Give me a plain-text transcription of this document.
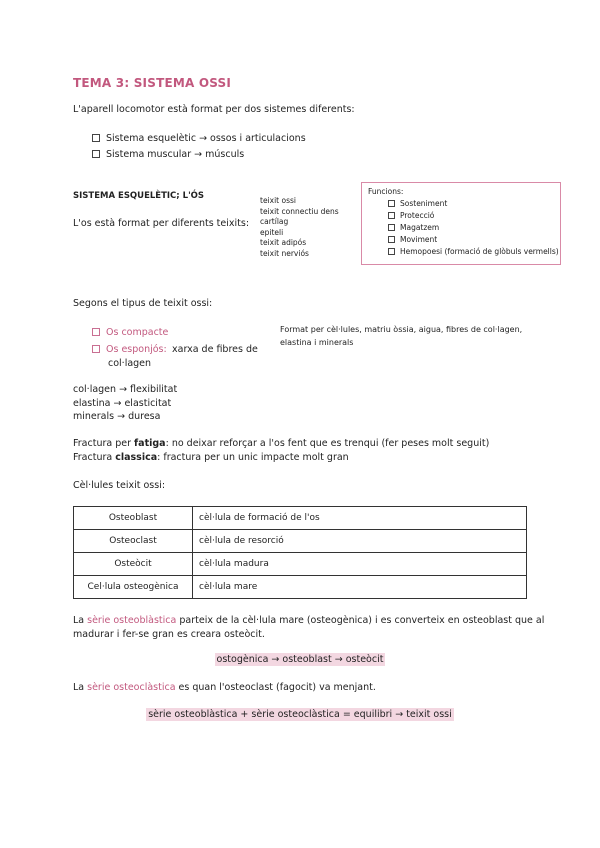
TEMA 3: SISTEMA OSSI
L'aparell locomotor està format per dos sistemes diferents:
Sistema esquelètic → ossos i articulacions
Sistema muscular → músculs
SISTEMA ESQUELÈTIC; L'ÓS
L'os està format per diferents teixits:
teixit ossi
teixit connectiu dens
cartílag
epiteli
teixit adipós
teixit nerviós
Funcions:
Sosteniment
Protecció
Magatzem
Moviment
Hemopoesi (formació de glòbuls vermells)
Segons el tipus de teixit ossi:
Os compacte
Os esponjós: xarxa de fibres de col·lagen
Format per cèl·lules, matriu òssia, aigua, fibres de col·lagen, elastina i minerals
col·lagen → flexibilitat
elastina → elasticitat
minerals → duresa
Fractura per fatiga: no deixar reforçar a l'os fent que es trenqui (fer peses molt seguit)
Fractura classica: fractura per un unic impacte molt gran
Cèl·lules teixit ossi:
Osteoblast	cèl·lula de formació de l'os
Osteoclast	cèl·lula de resorció
Osteòcit	cèl·lula madura
Cel·lula osteogènica	cèl·lula mare
La sèrie osteoblàstica parteix de la cèl·lula mare (osteogènica) i es converteix en osteoblast que al
madurar i fer-se gran es creara osteòcit.
ostogènica → osteoblast → osteòcit
La sèrie osteoclàstica es quan l'osteoclast (fagocit) va menjant.
sèrie osteoblàstica + sèrie osteoclàstica = equilibri → teixit ossi
